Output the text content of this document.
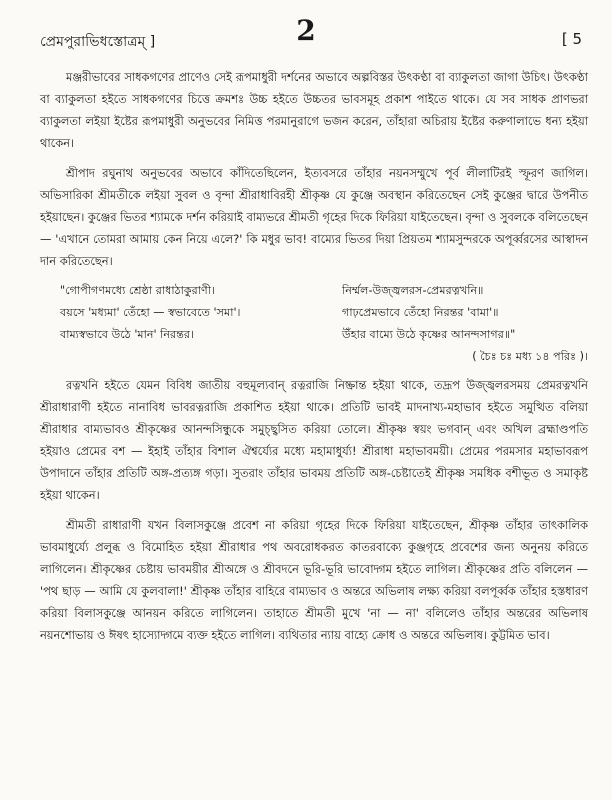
প্রেমপুরাভিধস্তোত্রম্ ]	2	[ 5

মঞ্জরীভাবের সাধকগণের প্রাণেও সেই রূপমাধুরী দর্শনের অভাবে অল্পবিস্তর উৎকণ্ঠা বা ব্যাকুলতা জাগা উচিৎ। উৎকণ্ঠা বা ব্যাকুলতা হইতে সাধকগণের চিত্তে ক্রমশঃ উচ্চ হইতে উচ্চতর ভাবসমূহ প্রকাশ পাইতে থাকে। যে সব সাধক প্রাণভরা ব্যাকুলতা লইয়া ইষ্টের রূপমাধুরী অনুভবের নিমিত্ত পরমানুরাগে ভজন করেন, তাঁহারা অচিরায় ইষ্টের করুণালাভে ধন্য হইয়া থাকেন।

শ্রীপাদ রঘুনাথ অনুভবের অভাবে কাঁদিতেছিলেন, ইত্যবসরে তাঁহার নয়নসম্মুখে পূর্ব লীলাটিরই স্ফূরণ জাগিল। অভিসারিকা শ্রীমতীকে লইয়া সুবল ও বৃন্দা শ্রীরাধাবিরহী শ্রীকৃষ্ণ যে কুঞ্জে অবস্থান করিতেছেন সেই কুঞ্জের দ্বারে উপনীত হইয়াছেন। কুঞ্জের ভিতর শ্যামকে দর্শন করিয়াই বাম্যভরে শ্রীমতী গৃহের দিকে ফিরিয়া যাইতেছেন। বৃন্দা ও সুবলকে বলিতেছেন — 'এখানে তোমরা আমায় কেন নিয়ে এলে?' কি মধুর ভাব! বাম্যের ভিতর দিয়া প্রিয়তম শ্যামসুন্দরকে অপূর্ব্বরসের আস্বাদন দান করিতেছেন।

"গোপীগণমধ্যে শ্রেষ্ঠা রাধাঠাকুরাণী।	নির্ম্মল-উজ্জ্বলরস-প্রেমরত্নখনি॥
বয়সে 'মধ্যমা' তেঁহো — স্বভাবেতে 'সমা'।	গাঢ়প্রেমভাবে তেঁহো নিরন্তর 'বামা'॥
বাম্যস্বভাবে উঠে 'মান' নিরন্তর।	উঁহার বাম্যে উঠে কৃষ্ণের আনন্দসাগর॥"
( চৈঃ চঃ মধ্য ১৪ পরিঃ )।

রত্নখনি হইতে যেমন বিবিধ জাতীয় বহুমূল্যবান্ রত্নরাজি নিষ্ক্রান্ত হইয়া থাকে, তদ্রূপ উজ্জ্বলরসময় প্রেমরত্নখনি শ্রীরাধারাণী হইতে নানাবিধ ভাবরত্নরাজি প্রকাশিত হইয়া থাকে। প্রতিটি ভাবই মাদনাখ্য-মহাভাব হইতে সমুত্থিত বলিয়া শ্রীরাধার বাম্যভাবও শ্রীকৃষ্ণের আনন্দসিন্ধুকে সমুচ্ছ্বসিত করিয়া তোলে। শ্রীকৃষ্ণ স্বয়ং ভগবান্ এবং অখিল ব্রহ্মাণ্ডপতি হইয়াও প্রেমের বশ — ইহাই তাঁহার বিশাল ঐশ্বর্য্যের মধ্যে মহামাধুর্য্য! শ্রীরাধা মহাভাবময়ী। প্রেমের পরমসার মহাভাবরূপ উপাদানে তাঁহার প্রতিটি অঙ্গ-প্রত্যঙ্গ গড়া। সুতরাং তাঁহার ভাবময় প্রতিটি অঙ্গ-চেষ্টাতেই শ্রীকৃষ্ণ সমধিক বশীভূত ও সমাকৃষ্ট হইয়া থাকেন।

শ্রীমতী রাধারাণী যখন বিলাসকুঞ্জে প্রবেশ না করিয়া গৃহের দিকে ফিরিয়া যাইতেছেন, শ্রীকৃষ্ণ তাঁহার তাৎকালিক ভাবমাধুর্য্যে প্রলুব্ধ ও বিমোহিত হইয়া শ্রীরাধার পথ অবরোধকরত কাতরবাক্যে কুঞ্জগৃহে প্রবেশের জন্য অনুনয় করিতে লাগিলেন। শ্রীকৃষ্ণের চেষ্টায় ভাবময়ীর শ্রীঅঙ্গে ও শ্রীবদনে ভূরি-ভূরি ভাবোদ্গম হইতে লাগিল। শ্রীকৃষ্ণের প্রতি বলিলেন — 'পথ ছাড় — আমি যে কুলবালা!' শ্রীকৃষ্ণ তাঁহার বাহিরে বাম্যভাব ও অন্তরে অভিলাষ লক্ষ্য করিয়া বলপূর্ব্বক তাঁহার হস্তধারণ করিয়া বিলাসকুঞ্জে আনয়ন করিতে লাগিলেন। তাহাতে শ্রীমতী মুখে 'না — না' বলিলেও তাঁহার অন্তরের অভিলাষ নয়নশোভায় ও ঈষৎ হাস্যোদ্গমে ব্যক্ত হইতে লাগিল। ব্যথিতার ন্যায় বাহ্যে ক্রোধ ও অন্তরে অভিলাষ। কুট্টমিত ভাব।
